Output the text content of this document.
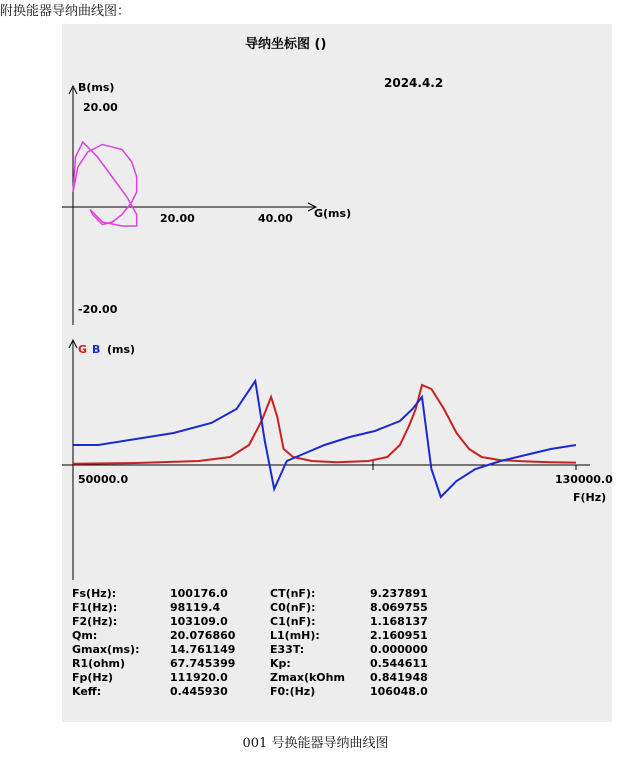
附换能器导纳曲线图：
导纳坐标图 ()
2024.4.2
B(ms)
G(ms)
20.00	40.00
20.00
-20.00
G B (ms)
50000.0	130000.0
F(Hz)
Fs(Hz):	100176.0	CT(nF):	9.237891
F1(Hz):	98119.4	C0(nF):	8.069755
F2(Hz):	103109.0	C1(nF):	1.168137
Qm:	20.076860	L1(mH):	2.160951
Gmax(ms):	14.761149	E33T:	0.000000
R1(ohm)	67.745399	Kp:	0.544611
Fp(Hz)	111920.0	Zmax(kOhm	0.841948
Keff:	0.445930	F0:(Hz)	106048.0
001 号换能器导纳曲线图
